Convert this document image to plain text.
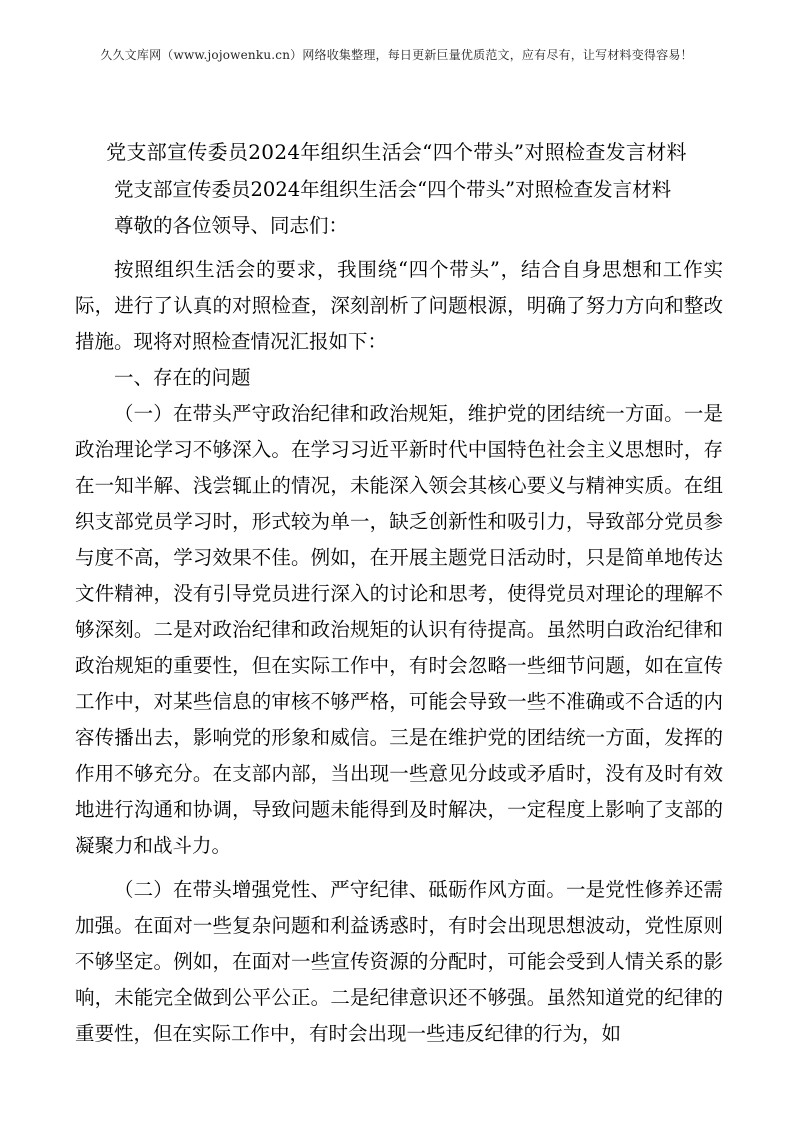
久久文库网（www.jojowenku.cn）网络收集整理，每日更新巨量优质范文，应有尽有，让写材料变得容易！
党支部宣传委员2024年组织生活会“四个带头”对照检查发言材料

党支部宣传委员2024年组织生活会“四个带头”对照检查发言材料

尊敬的各位领导、同志们：

按照组织生活会的要求，我围绕“四个带头”，结合自身思想和工作实际，进行了认真的对照检查，深刻剖析了问题根源，明确了努力方向和整改措施。现将对照检查情况汇报如下：

一、存在的问题

（一）在带头严守政治纪律和政治规矩，维护党的团结统一方面。一是政治理论学习不够深入。在学习习近平新时代中国特色社会主义思想时，存在一知半解、浅尝辄止的情况，未能深入领会其核心要义与精神实质。在组织支部党员学习时，形式较为单一，缺乏创新性和吸引力，导致部分党员参与度不高，学习效果不佳。例如，在开展主题党日活动时，只是简单地传达文件精神，没有引导党员进行深入的讨论和思考，使得党员对理论的理解不够深刻。二是对政治纪律和政治规矩的认识有待提高。虽然明白政治纪律和政治规矩的重要性，但在实际工作中，有时会忽略一些细节问题，如在宣传工作中，对某些信息的审核不够严格，可能会导致一些不准确或不合适的内容传播出去，影响党的形象和威信。三是在维护党的团结统一方面，发挥的作用不够充分。在支部内部，当出现一些意见分歧或矛盾时，没有及时有效地进行沟通和协调，导致问题未能得到及时解决，一定程度上影响了支部的凝聚力和战斗力。

（二）在带头增强党性、严守纪律、砥砺作风方面。一是党性修养还需加强。在面对一些复杂问题和利益诱惑时，有时会出现思想波动，党性原则不够坚定。例如，在面对一些宣传资源的分配时，可能会受到人情关系的影响，未能完全做到公平公正。二是纪律意识还不够强。虽然知道党的纪律的重要性，但在实际工作中，有时会出现一些违反纪律的行为，如
